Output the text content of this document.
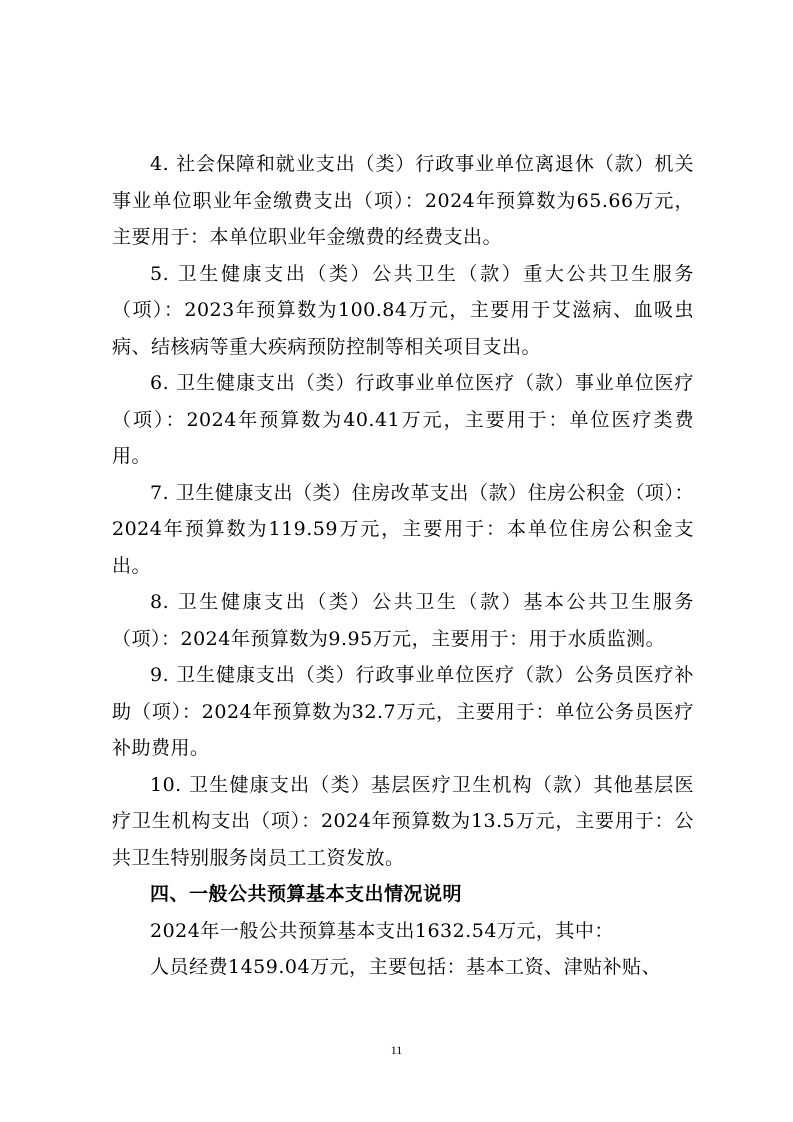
4. 社会保障和就业支出（类）行政事业单位离退休（款）机关事业单位职业年金缴费支出（项）：2024年预算数为65.66万元，主要用于：本单位职业年金缴费的经费支出。

5. 卫生健康支出（类）公共卫生（款）重大公共卫生服务（项）：2023年预算数为100.84万元，主要用于艾滋病、血吸虫病、结核病等重大疾病预防控制等相关项目支出。

6. 卫生健康支出（类）行政事业单位医疗（款）事业单位医疗（项）：2024年预算数为40.41万元，主要用于：单位医疗类费用。

7. 卫生健康支出（类）住房改革支出（款）住房公积金（项）：2024年预算数为119.59万元，主要用于：本单位住房公积金支出。

8. 卫生健康支出（类）公共卫生（款）基本公共卫生服务（项）：2024年预算数为9.95万元，主要用于：用于水质监测。

9. 卫生健康支出（类）行政事业单位医疗（款）公务员医疗补助（项）：2024年预算数为32.7万元，主要用于：单位公务员医疗补助费用。

10. 卫生健康支出（类）基层医疗卫生机构（款）其他基层医疗卫生机构支出（项）：2024年预算数为13.5万元，主要用于：公共卫生特别服务岗员工工资发放。

四、一般公共预算基本支出情况说明

2024年一般公共预算基本支出1632.54万元，其中：

人员经费1459.04万元，主要包括：基本工资、津贴补贴、

11
